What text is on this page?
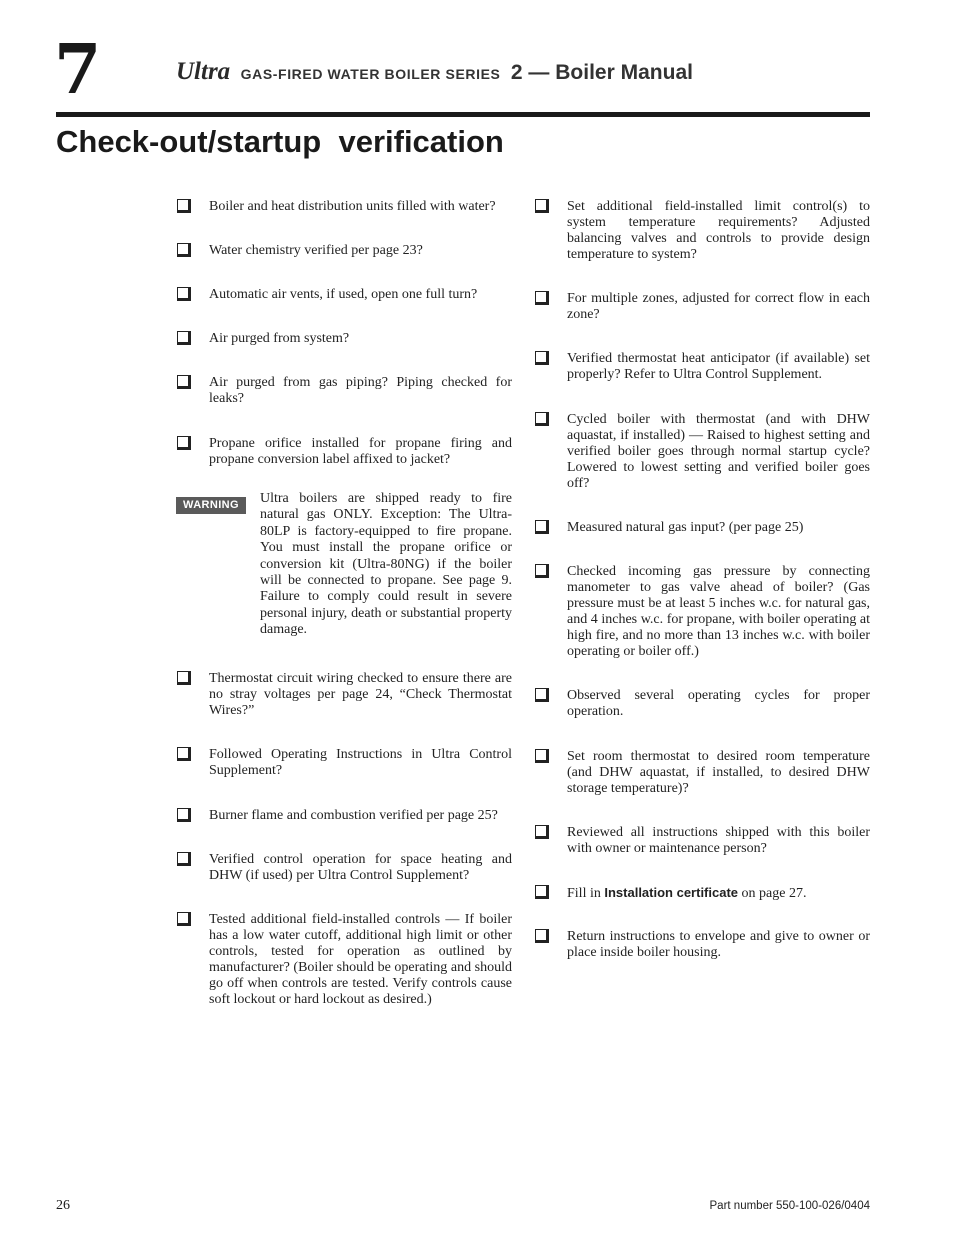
7	Ultra GAS-FIRED WATER BOILER SERIES 2 — Boiler Manual
Check-out/startup  verification

Boiler and heat distribution units filled with water?

Water chemistry verified per page 23?

Automatic air vents, if used, open one full turn?

Air purged from system?

Air purged from gas piping? Piping checked for leaks?

Propane orifice installed for propane firing and propane conversion label affixed to jacket?

WARNING	Ultra boilers are shipped ready to fire natural gas ONLY. Exception: The Ultra-80LP is factory-equipped to fire propane. You must install the propane orifice or conversion kit (Ultra-80NG) if the boiler will be connected to propane. See page 9. Failure to comply could result in severe personal injury, death or substantial property damage.

Thermostat circuit wiring checked to ensure there are no stray voltages per page 24, “Check Thermostat Wires?”

Followed Operating Instructions in Ultra Control Supplement?

Burner flame and combustion verified per page 25?

Verified control operation for space heating and DHW (if used) per Ultra Control Supplement?

Tested additional field-installed controls — If boiler has a low water cutoff, additional high limit or other controls, tested for operation as outlined by manufacturer? (Boiler should be operating and should go off when controls are tested. Verify controls cause soft lockout or hard lockout as desired.)

Set additional field-installed limit control(s) to system temperature requirements? Adjusted balancing valves and controls to provide design temperature to system?

For multiple zones, adjusted for correct flow in each zone?

Verified thermostat heat anticipator (if available) set properly? Refer to Ultra Control Supplement.

Cycled boiler with thermostat (and with DHW aquastat, if installed) — Raised to highest setting and verified boiler goes through normal startup cycle? Lowered to lowest setting and verified boiler goes off?

Measured natural gas input? (per page 25)

Checked incoming gas pressure by connecting manometer to gas valve ahead of boiler? (Gas pressure must be at least 5 inches w.c. for natural gas, and 4 inches w.c. for propane, with boiler operating at high fire, and no more than 13 inches w.c. with boiler operating or boiler off.)

Observed several operating cycles for proper operation.

Set room thermostat to desired room temperature (and DHW aquastat, if installed, to desired DHW storage temperature)?

Reviewed all instructions shipped with this boiler with owner or maintenance person?

Fill in Installation certificate on page 27.

Return instructions to envelope and give to owner or place inside boiler housing.

26	Part number 550-100-026/0404
